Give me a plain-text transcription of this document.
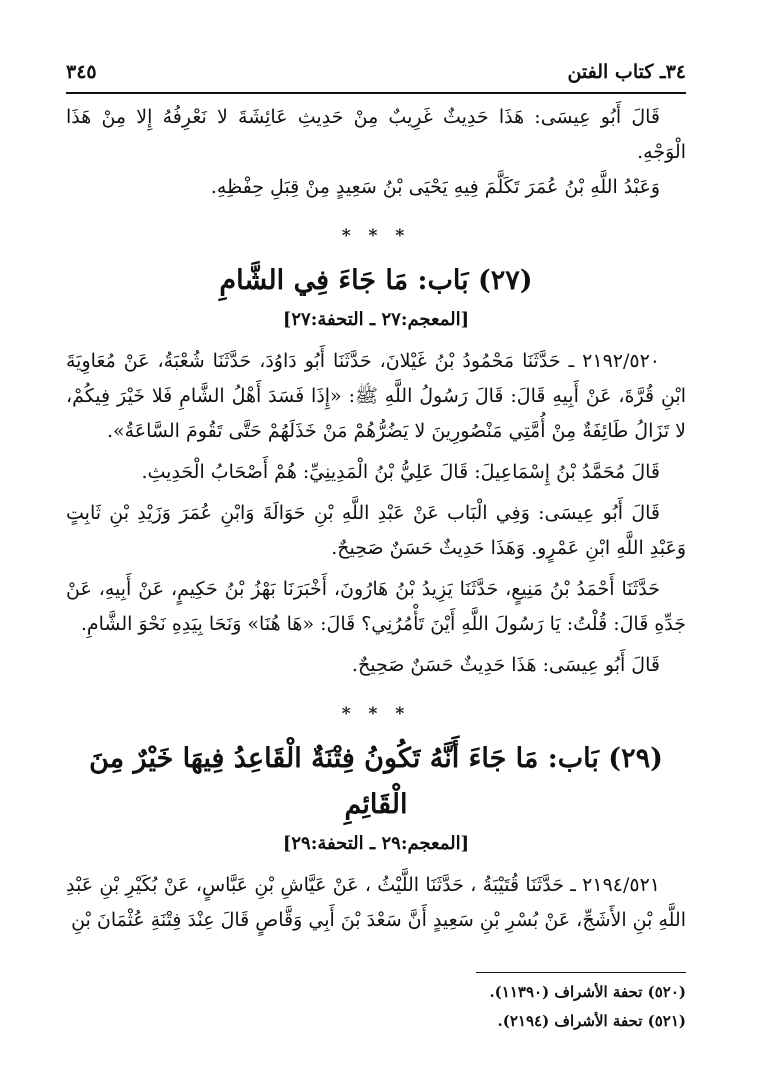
٣٤ـ كتاب الفتن
٣٤٥

قَالَ أَبُو عِيسَى: هَذَا حَدِيثٌ غَرِيبٌ مِنْ حَدِيثِ عَائِشَةَ لا نَعْرِفُهُ إِلا مِنْ هَذَا الْوَجْهِ.

وَعَبْدُ اللَّهِ بْنُ عُمَرَ تَكَلَّمَ فِيهِ يَحْيَى بْنُ سَعِيدٍ مِنْ قِبَلِ حِفْظِهِ.

* * *

(٢٧) بَاب: مَا جَاءَ فِي الشَّامِ

[المعجم:٢٧ ـ التحفة:٢٧]

٢١٩٢/٥٢٠ ـ حَدَّثَنَا مَحْمُودُ بْنُ غَيْلانَ، حَدَّثَنَا أَبُو دَاوُدَ، حَدَّثَنَا شُعْبَةُ، عَنْ مُعَاوِيَةَ ابْنِ قُرَّةَ، عَنْ أَبِيهِ قَالَ: قَالَ رَسُولُ اللَّهِ ﷺ: «إِذَا فَسَدَ أَهْلُ الشَّامِ فَلا خَيْرَ فِيكُمْ، لا تَزَالُ طَائِفَةٌ مِنْ أُمَّتِي مَنْصُورِينَ لا يَضُرُّهُمْ مَنْ خَذَلَهُمْ حَتَّى تَقُومَ السَّاعَةُ».

قَالَ مُحَمَّدُ بْنُ إِسْمَاعِيلَ: قَالَ عَلِيُّ بْنُ الْمَدِينِيِّ: هُمْ أَصْحَابُ الْحَدِيثِ.

قَالَ أَبُو عِيسَى: وَفِي الْبَاب عَنْ عَبْدِ اللَّهِ بْنِ حَوَالَةَ وَابْنِ عُمَرَ وَزَيْدِ بْنِ ثَابِتٍ وَعَبْدِ اللَّهِ ابْنِ عَمْرٍو. وَهَذَا حَدِيثٌ حَسَنٌ صَحِيحٌ.

حَدَّثَنَا أَحْمَدُ بْنُ مَنِيعٍ، حَدَّثَنَا يَزِيدُ بْنُ هَارُونَ، أَخْبَرَنَا بَهْزُ بْنُ حَكِيمٍ، عَنْ أَبِيهِ، عَنْ جَدِّهِ قَالَ: قُلْتُ: يَا رَسُولَ اللَّهِ أَيْنَ تَأْمُرُنِي؟ قَالَ: «هَا هُنَا» وَنَحَا بِيَدِهِ نَحْوَ الشَّامِ.

قَالَ أَبُو عِيسَى: هَذَا حَدِيثٌ حَسَنٌ صَحِيحٌ.

* * *

(٢٩) بَاب: مَا جَاءَ أَنَّهُ تَكُونُ فِتْنَةٌ الْقَاعِدُ فِيهَا خَيْرٌ مِنَ الْقَائِمِ

[المعجم:٢٩ ـ التحفة:٢٩]

٢١٩٤/٥٢١ ـ حَدَّثَنَا قُتَيْبَةُ ، حَدَّثَنَا اللَّيْثُ ، عَنْ عَيَّاشِ بْنِ عَبَّاسٍ، عَنْ بُكَيْرِ بْنِ عَبْدِ اللَّهِ بْنِ الأَشَجِّ، عَنْ بُسْرِ بْنِ سَعِيدٍ أَنَّ سَعْدَ بْنَ أَبِي وَقَّاصٍ قَالَ عِنْدَ فِتْنَةِ عُثْمَانَ بْنِ

(٥٢٠) تحفة الأشراف (١١٣٩٠).

(٥٢١) تحفة الأشراف (٢١٩٤).
